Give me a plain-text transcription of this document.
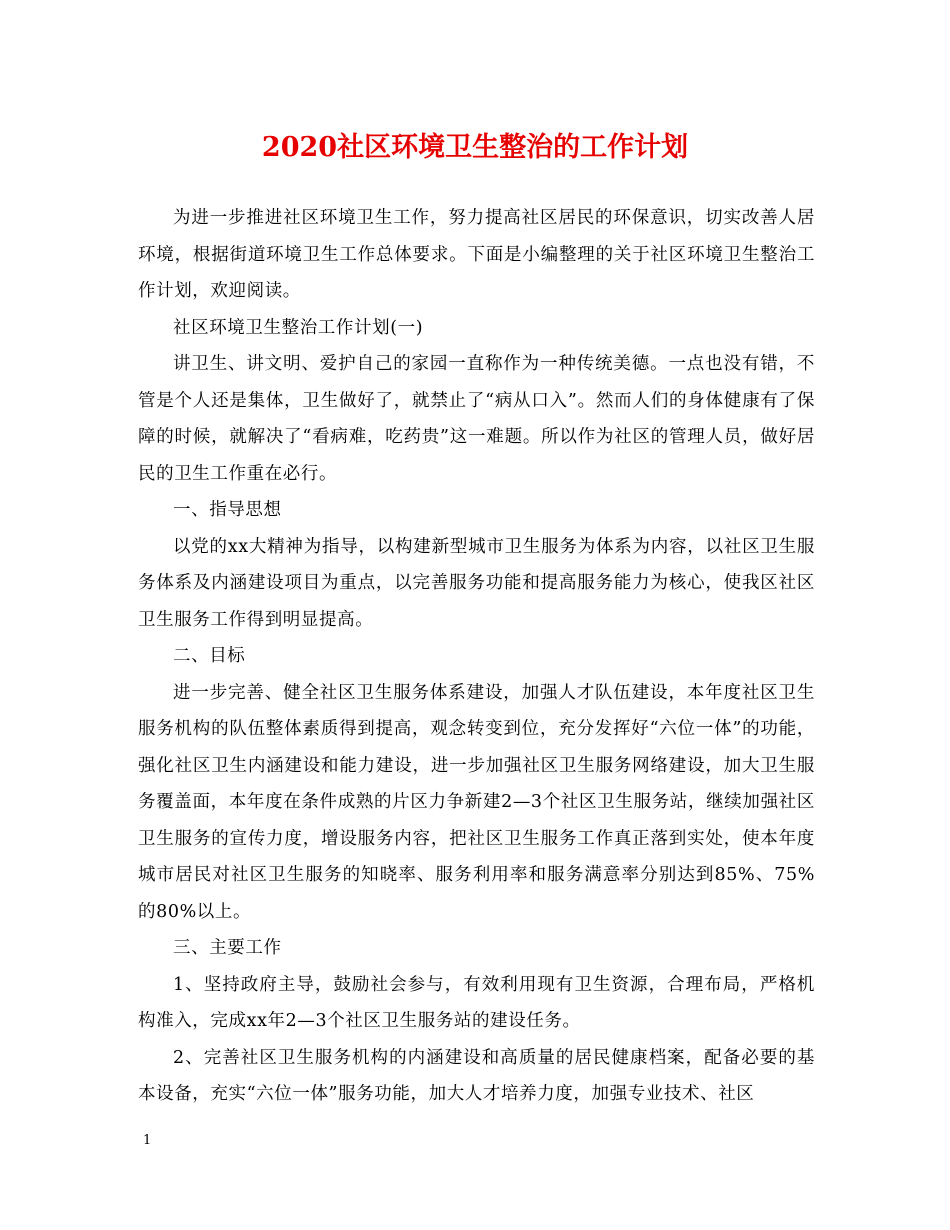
2020社区环境卫生整治的工作计划

为进一步推进社区环境卫生工作，努力提高社区居民的环保意识，切实改善人居环境，根据街道环境卫生工作总体要求。下面是小编整理的关于社区环境卫生整治工作计划，欢迎阅读。

社区环境卫生整治工作计划(一)

讲卫生、讲文明、爱护自己的家园一直称作为一种传统美德。一点也没有错，不管是个人还是集体，卫生做好了，就禁止了“病从口入”。然而人们的身体健康有了保障的时候，就解决了“看病难，吃药贵”这一难题。所以作为社区的管理人员，做好居民的卫生工作重在必行。

一、指导思想

以党的xx大精神为指导，以构建新型城市卫生服务为体系为内容，以社区卫生服务体系及内涵建设项目为重点，以完善服务功能和提高服务能力为核心，使我区社区卫生服务工作得到明显提高。

二、目标

进一步完善、健全社区卫生服务体系建设，加强人才队伍建设，本年度社区卫生服务机构的队伍整体素质得到提高，观念转变到位，充分发挥好“六位一体”的功能，强化社区卫生内涵建设和能力建设，进一步加强社区卫生服务网络建设，加大卫生服务覆盖面，本年度在条件成熟的片区力争新建2—3个社区卫生服务站，继续加强社区卫生服务的宣传力度，增设服务内容，把社区卫生服务工作真正落到实处，使本年度城市居民对社区卫生服务的知晓率、服务利用率和服务满意率分别达到85%、75%的80%以上。

三、主要工作

1、坚持政府主导，鼓励社会参与，有效利用现有卫生资源，合理布局，严格机构准入，完成xx年2—3个社区卫生服务站的建设任务。

2、完善社区卫生服务机构的内涵建设和高质量的居民健康档案，配备必要的基本设备，充实“六位一体”服务功能，加大人才培养力度，加强专业技术、社区

1
